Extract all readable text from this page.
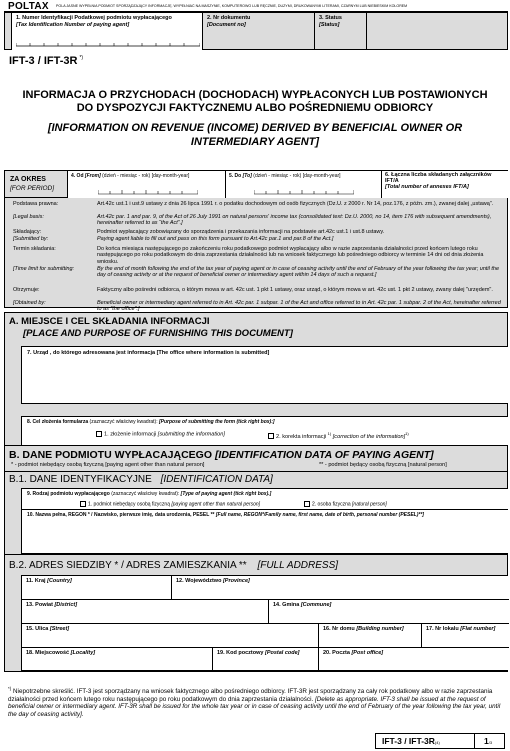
POLTAX POLA JASNE WYPEŁNIA PODMIOT SPORZĄDZAJĄCY INFORMACJĘ. WYPEŁNIAĆ NA MASZYNIE, KOMPUTEROWO LUB RĘCZNIE, DUŻYMI, DRUKOWANYMI LITERAMI, CZARNYM LUB NIEBIESKIM KOLOREM
1. Numer Identyfikacji Podatkowej podmiotu wypłacającego
[Tax Identification Number of paying agent]
2. Nr dokumentu
[Document no]
3. Status
[Status]
IFT-3 / IFT-3R *)
INFORMACJA O PRZYCHODACH (DOCHODACH) WYPŁACONYCH LUB POSTAWIONYCH
DO DYSPOZYCJI FAKTYCZNEMU ALBO POŚREDNIEMU ODBIORCY
[INFORMATION ON REVENUE (INCOME) DERIVED BY BENEFICIAL OWNER OR
INTERMEDIARY AGENT]
ZA OKRES
[FOR PERIOD]
4. Od [From] (dzień - miesiąc - rok) [day-month-year]	5. Do [To] (dzień - miesiąc - rok) [day-month-year]	6. Łączna liczba składanych załączników IFT/A
[Total number of annexes IFT/A]
Podstawa prawna:	Art.42c ust.1 i ust.9 ustawy z dnia 26 lipca 1991 r. o podatku dochodowym od osób fizycznych (Dz.U. z 2000 r. Nr 14, poz.176, z późn. zm.), zwanej dalej „ustawą”.
[Legal basis:	Art.42c par. 1 and par. 9, of the Act of 26 July 1991 on natural persons' income tax (consolidated text: Dz.U. 2000, no 14, item 176 with subsequent amendments), hereinafter referred to as “the Act”.]
Składający:	Podmiot wypłacający zobowiązany do sporządzenia i przekazania informacji na podstawie art.42c ust.1 i ust.8 ustawy.
[Submitted by:	Paying agent liable to fill out and pass on this form pursuant to Art.42c par.1 and par.8 of the Act.]
Termin składania:	Do końca miesiąca następującego po zakończeniu roku podatkowego podmiot wypłacający albo w razie zaprzestania działalności przed końcem lutego roku następującego po roku podatkowym do dnia zaprzestania działalności lub na wniosek faktycznego lub pośredniego odbiorcy w terminie 14 dni od dnia złożenia wniosku.
[Time limit for submitting:	By the end of month following the end of the tax year of paying agent or in case of ceasing activity until the end of February of the year following the tax year; until the day of ceasing activity or at the request of beneficial owner or intermediary agent within 14 days of such a request.]
Otrzymuje:	Faktyczny albo pośredni odbiorca, o którym mowa w art. 42c ust. 1 pkt 1 ustawy, oraz urząd, o którym mowa w art. 42c ust. 1 pkt 2 ustawy, zwany dalej "urzędem".
[Obtained by:	Beneficial owner or intermediary agent referred to in Art. 42c par. 1 subpar. 1 of the Act and office referred to in Art. 42c par. 1 subpar. 2 of the Act, hereinafter referred to as “the office”.]
A. MIEJSCE I CEL SKŁADANIA INFORMACJI
[PLACE AND PURPOSE OF FURNISHING THIS DOCUMENT]
7. Urząd , do którego adresowana jest informacja [The office where information is submitted]
8. Cel złożenia formularza (zaznaczyć właściwy kwadrat): [Purpose of submitting the form (tick right box):]
1. złożenie informacji [submitting the information]	2. korekta informacji $^{1)}$ [correction of the information]$^{1)}$
B. DANE PODMIOTU WYPŁACAJĄCEGO [IDENTIFICATION DATA OF PAYING AGENT]
* - podmiot niebędący osobą fizyczną [paying agent other than natural person]	** - podmiot będący osobą fizyczną [natural person]
B.1. DANE IDENTYFIKACYJNE [IDENTIFICATION DATA]
9. Rodzaj podmiotu wypłacającego (zaznaczyć właściwy kwadrat): [Type of paying agent (tick right box).]
1. podmiot niebędący osobą fizyczną [paying agent other than natural person]	2. osoba fizyczna [natural person]
10. Nazwa pełna, REGON * / Nazwisko, pierwsze imię, data urodzenia, PESEL ** [Full name, REGON*/Family name, first name, date of birth, personal number (PESEL)**]
B.2. ADRES SIEDZIBY * / ADRES ZAMIESZKANIA ** [FULL ADDRESS]
11. Kraj [Country]	12. Województwo [Province]
13. Powiat [District]	14. Gmina [Commune]
15. Ulica [Street]	16. Nr domu [Building number]	17. Nr lokalu [Flat number]
18. Miejscowość [Locality]	19. Kod pocztowy [Postal code]	20. Poczta [Post office]
*) Niepotrzebne skreślić. IFT-3 jest sporządzany na wniosek faktycznego albo pośredniego odbiorcy. IFT-3R jest sporządzany za cały rok podatkowy albo w razie zaprzestania działalności przed końcem lutego roku następującego po roku podatkowym do dnia zaprzestania działalności. [Delete as appropriate. IFT-3 shall be issued at the request of beneficial owner or intermediary agent. IFT-3R shall be issued for the whole tax year or in case of ceasing activity until the end of February of the year following the tax year, until the day of ceasing activity].
IFT-3 / IFT-3R(4)	1/3
